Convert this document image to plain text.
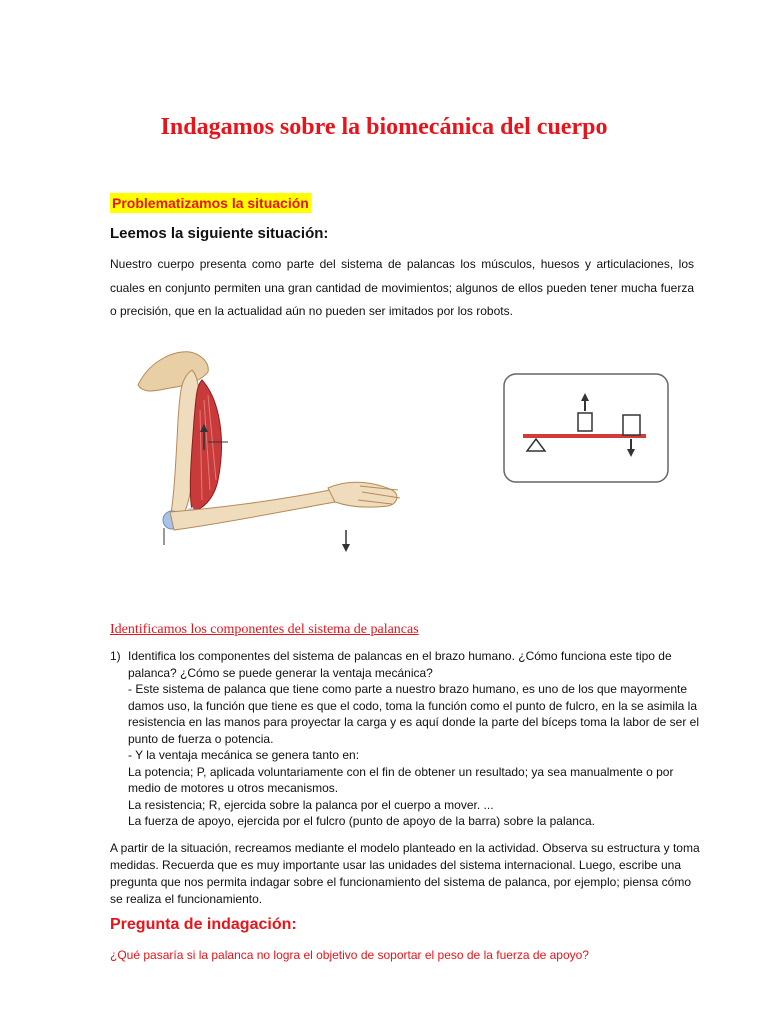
Indagamos sobre la biomecánica del cuerpo
Problematizamos la situación
Leemos la siguiente situación:
Nuestro cuerpo presenta como parte del sistema de palancas los músculos, huesos y articulaciones, los cuales en conjunto permiten una gran cantidad de movimientos; algunos de ellos pueden tener mucha fuerza o precisión, que en la actualidad aún no pueden ser imitados por los robots.
Identificamos los componentes del sistema de palancas
1) Identifica los componentes del sistema de palancas en el brazo humano. ¿Cómo funciona este tipo de palanca? ¿Cómo se puede generar la ventaja mecánica?
- Este sistema de palanca que tiene como parte a nuestro brazo humano, es uno de los que mayormente damos uso, la función que tiene es que el codo, toma la función como el punto de fulcro, en la se asimila la resistencia en las manos para proyectar la carga y es aquí donde la parte del bíceps toma la labor de ser el punto de fuerza o potencia.
- Y la ventaja mecánica se genera tanto en:
La potencia; P, aplicada voluntariamente con el fin de obtener un resultado; ya sea manualmente o por medio de motores u otros mecanismos.
La resistencia; R, ejercida sobre la palanca por el cuerpo a mover. ...
La fuerza de apoyo, ejercida por el fulcro (punto de apoyo de la barra) sobre la palanca.
A partir de la situación, recreamos mediante el modelo planteado en la actividad. Observa su estructura y toma medidas. Recuerda que es muy importante usar las unidades del sistema internacional. Luego, escribe una pregunta que nos permita indagar sobre el funcionamiento del sistema de palanca, por ejemplo; piensa cómo se realiza el funcionamiento.
Pregunta de indagación:
¿Qué pasaría si la palanca no logra el objetivo de soportar el peso de la fuerza de apoyo?
